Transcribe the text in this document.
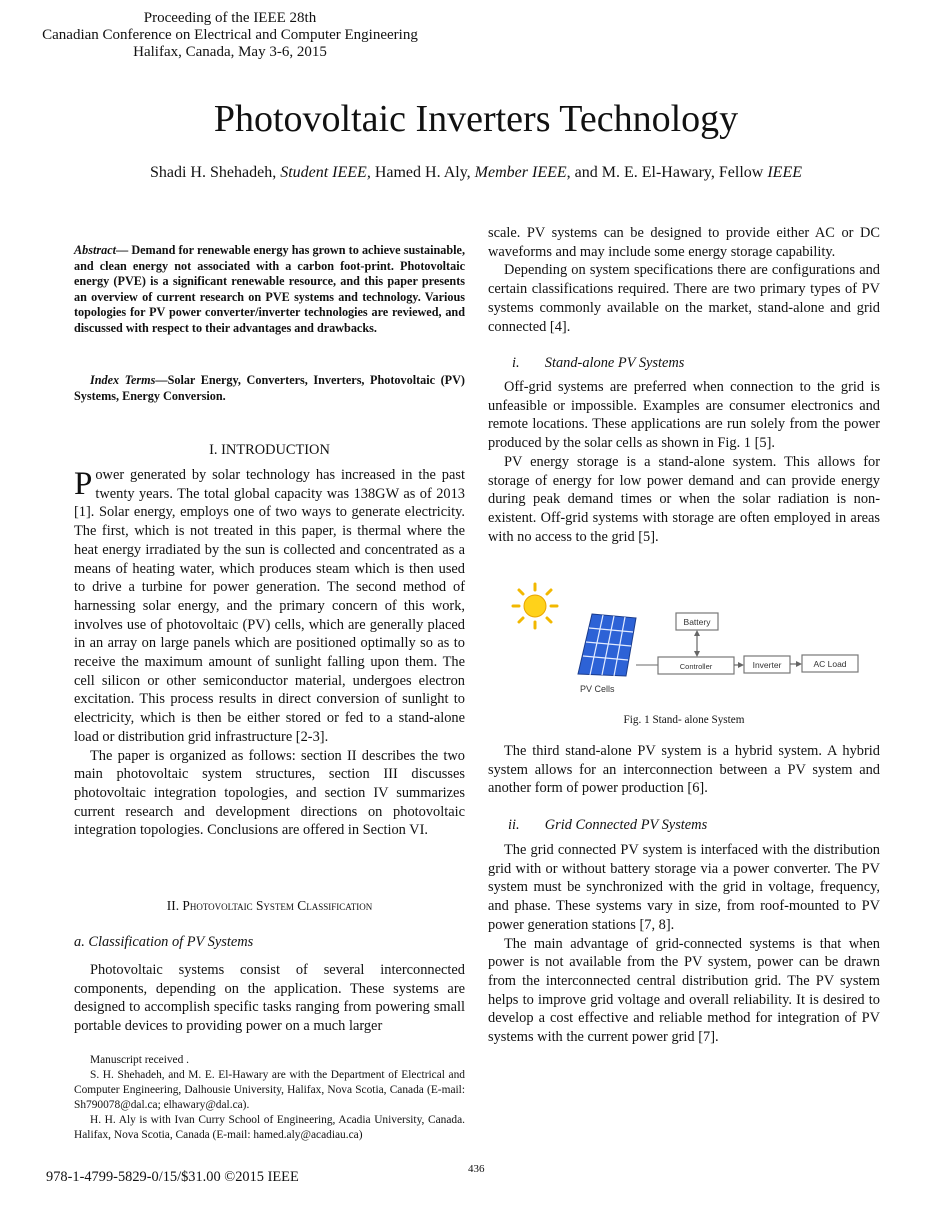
Proceeding of the IEEE 28th
Canadian Conference on Electrical and Computer Engineering
Halifax, Canada, May 3-6, 2015
Photovoltaic Inverters Technology
Shadi H. Shehadeh, Student IEEE, Hamed H. Aly, Member IEEE, and M. E. El-Hawary, Fellow IEEE
Abstract— Demand for renewable energy has grown to achieve sustainable, and clean energy not associated with a carbon foot-print. Photovoltaic energy (PVE) is a significant renewable resource, and this paper presents an overview of current research on PVE systems and technology. Various topologies for PV power converter/inverter technologies are reviewed, and discussed with respect to their advantages and drawbacks.
Index Terms—Solar Energy, Converters, Inverters, Photovoltaic (PV) Systems, Energy Conversion.
I. INTRODUCTION

Power generated by solar technology has increased in the past twenty years. The total global capacity was 138GW as of 2013 [1]. Solar energy, employs one of two ways to generate electricity. The first, which is not treated in this paper, is thermal where the heat energy irradiated by the sun is collected and concentrated as a means of heating water, which produces steam which is then used to drive a turbine for power generation. The second method of harnessing solar energy, and the primary concern of this work, involves use of photovoltaic (PV) cells, which are generally placed in an array on large panels which are positioned optimally so as to receive the maximum amount of sunlight falling upon them. The cell silicon or other semiconductor material, undergoes electron excitation. This process results in direct conversion of sunlight to electricity, which is then be either stored or fed to a stand-alone load or distribution grid infrastructure [2-3].

The paper is organized as follows: section II describes the two main photovoltaic system structures, section III discusses photovoltaic integration topologies, and section IV summarizes current research and development directions on photovoltaic integration topologies. Conclusions are offered in Section VI.

II. Photovoltaic System Classification
a. Classification of PV Systems

Photovoltaic systems consist of several interconnected components, depending on the application. These systems are designed to accomplish specific tasks ranging from powering small portable devices to providing power on a much larger

Manuscript received .

S. H. Shehadeh, and M. E. El-Hawary are with the Department of Electrical and Computer Engineering, Dalhousie University, Halifax, Nova Scotia, Canada (E-mail: Sh790078@dal.ca; elhawary@dal.ca).

H. H. Aly is with Ivan Curry School of Engineering, Acadia University, Canada. Halifax, Nova Scotia, Canada (E-mail: hamed.aly@acadiau.ca)

scale. PV systems can be designed to provide either AC or DC waveforms and may include some energy storage capability.

Depending on system specifications there are configurations and certain classifications required. There are two primary types of PV systems commonly available on the market, stand-alone and grid connected [4].

i.       Stand-alone PV Systems

Off-grid systems are preferred when connection to the grid is unfeasible or impossible. Examples are consumer electronics and remote locations. These applications are run solely from the power produced by the solar cells as shown in Fig. 1 [5].

PV energy storage is a stand-alone system. This allows for storage of energy for low power demand and can provide energy during peak demand times or when the solar radiation is non-existent. Off-grid systems with storage are often employed in areas with no access to the grid [5].

PV Cells
Controller
Battery
Inverter	AC Load
Fig. 1 Stand- alone System

The third stand-alone PV system is a hybrid system. A hybrid system allows for an interconnection between a PV system and another form of power production [6].

ii.       Grid Connected PV Systems

The grid connected PV system is interfaced with the distribution grid with or without battery storage via a power converter. The PV system must be synchronized with the grid in voltage, frequency, and phase. These systems vary in size, from roof-mounted to PV power generation stations [7, 8].

The main advantage of grid-connected systems is that when power is not available from the PV system, power can be drawn from the interconnected central distribution grid. The PV system helps to improve grid voltage and overall reliability. It is desired to develop a cost effective and reliable method for integration of PV systems with the current power grid [7].

436
978-1-4799-5829-0/15/$31.00 ©2015 IEEE
